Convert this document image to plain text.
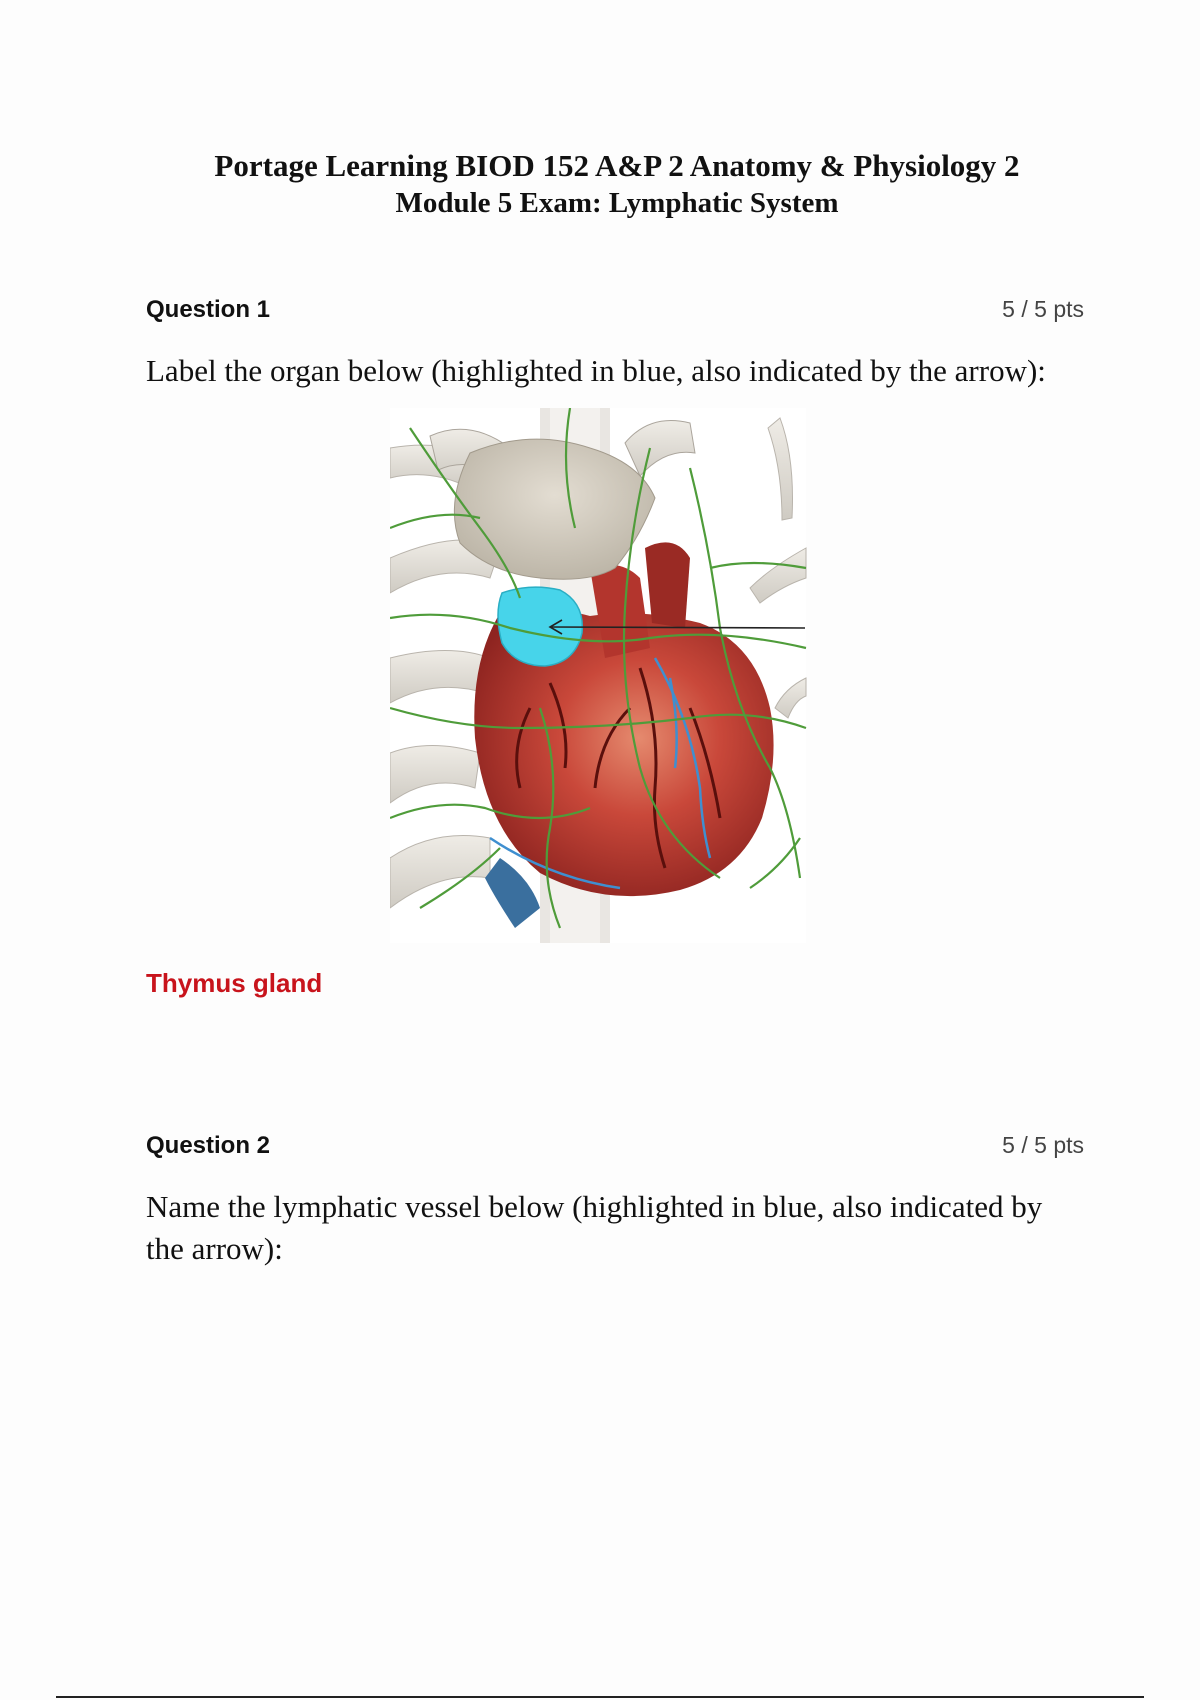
Portage Learning BIOD 152 A&P 2 Anatomy & Physiology 2
Module 5 Exam: Lymphatic System
Question 1	5 / 5 pts
Label the organ below (highlighted in blue, also indicated by the arrow):
Thymus gland
Question 2	5 / 5 pts
Name the lymphatic vessel below (highlighted in blue, also indicated by the arrow):
